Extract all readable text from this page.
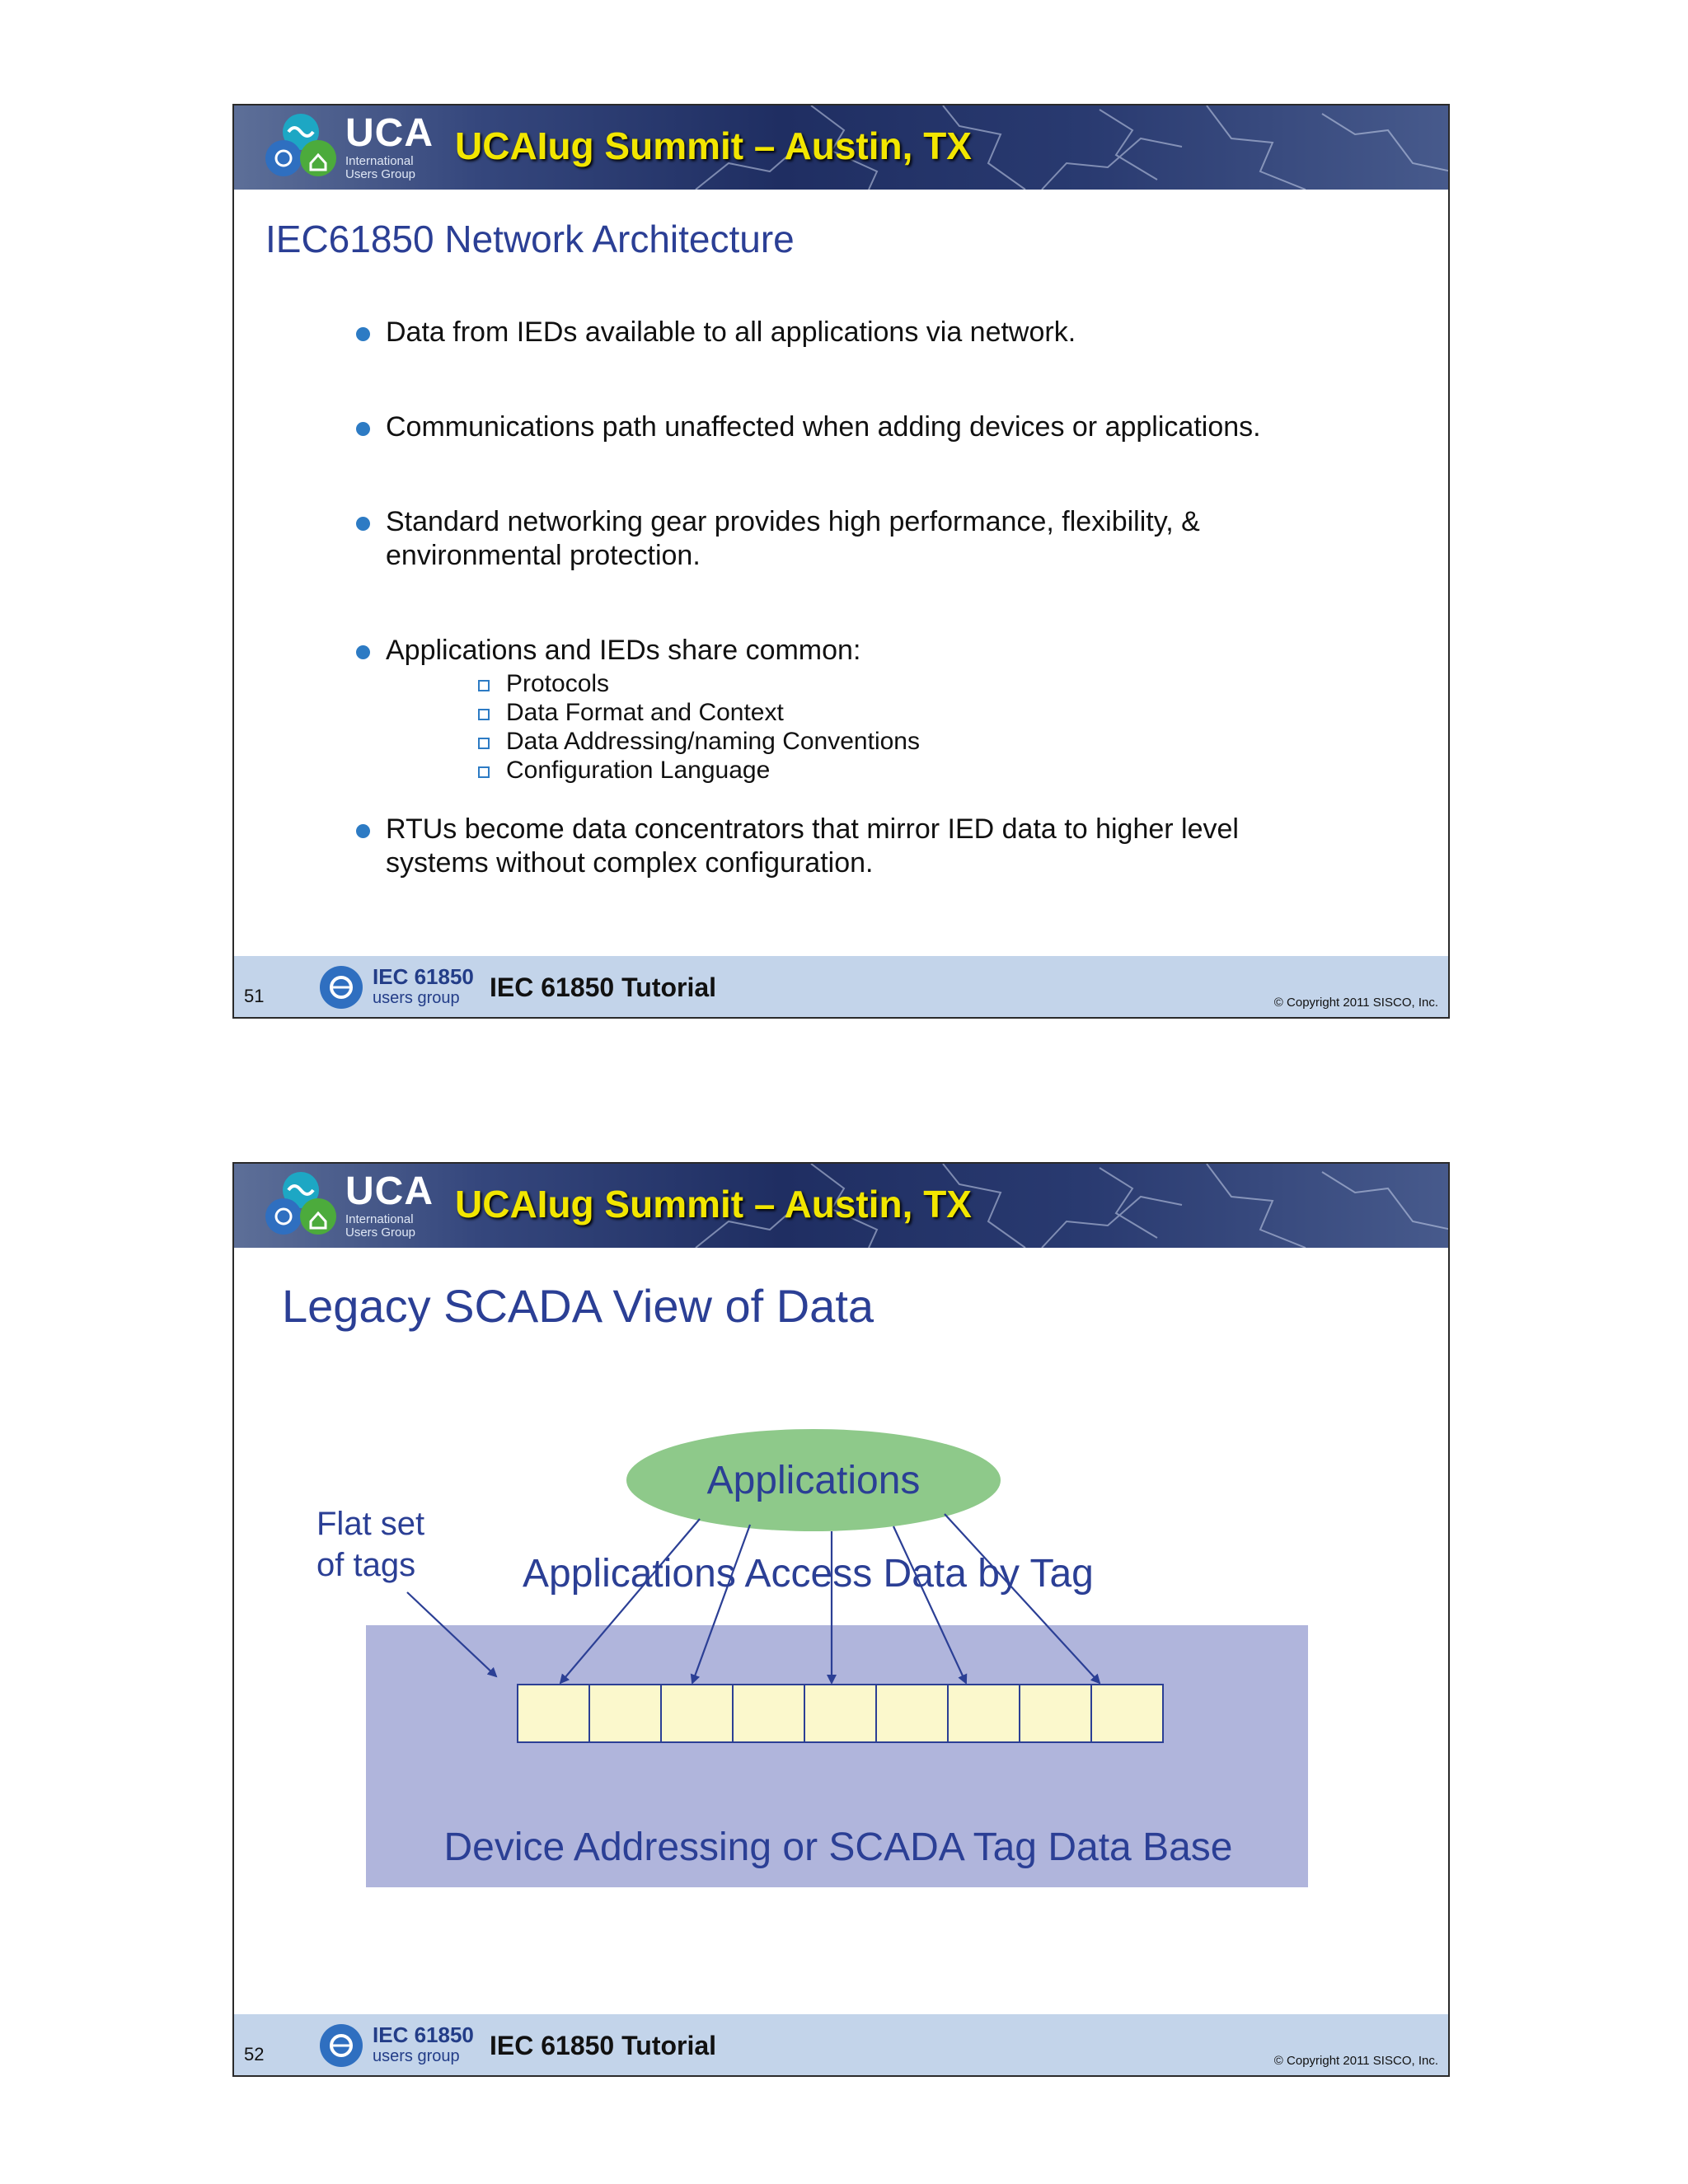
UCA
International Users Group
UCAIug Summit – Austin, TX
IEC61850 Network Architecture
Data from IEDs available to all applications via network.
Communications path unaffected when adding devices or applications.
Standard networking gear provides high performance, flexibility, & environmental protection.
Applications and IEDs share common:
Protocols
Data Format and Context
Data Addressing/naming Conventions
Configuration Language
RTUs become data concentrators that mirror IED data to higher level systems without complex configuration.
51
IEC 61850
users group IEC 61850 Tutorial
© Copyright 2011 SISCO, Inc.
UCA
International Users Group
UCAIug Summit – Austin, TX
Legacy SCADA View of Data
Applications
Flat set
of tags	Applications Access Data by Tag
Device Addressing or SCADA Tag Data Base
52
IEC 61850
users group IEC 61850 Tutorial
© Copyright 2011 SISCO, Inc.
